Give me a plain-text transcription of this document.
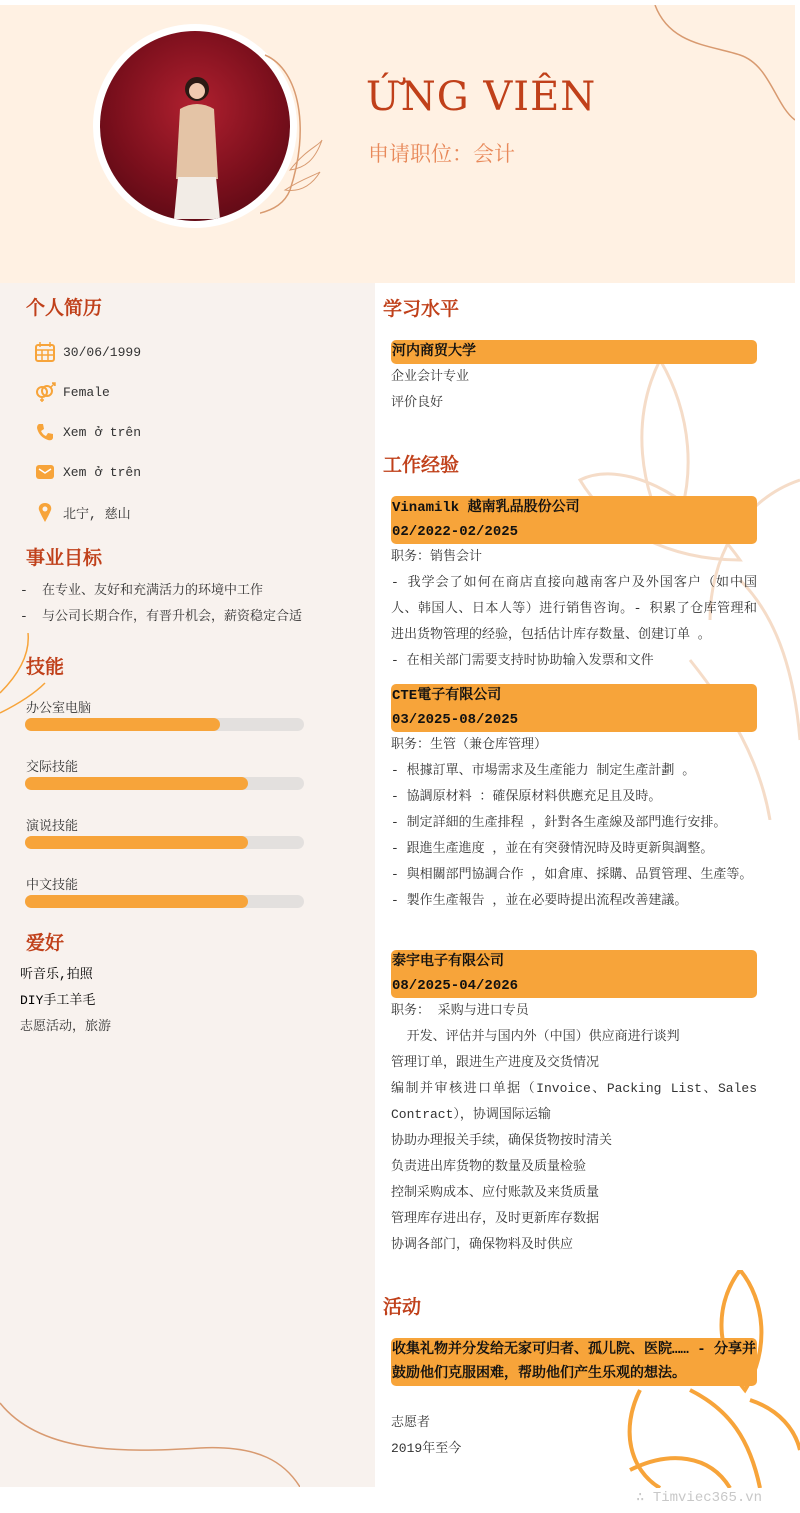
ỨNG VIÊN
申请职位：会计
个人简历
30/06/1999
Female
Xem ở trên
Xem ở trên
北宁, 慈山
事业目标
- 在专业、友好和充满活力的环境中工作
- 与公司长期合作，有晋升机会，薪资稳定合适
技能
办公室电脑
交际技能
演说技能
中文技能
爱好
听音乐,拍照
DIY手工羊毛
志愿活动，旅游
学习水平
河内商贸大学
企业会计专业
评价良好
工作经验
Vinamilk 越南乳品股份公司
02/2022-02/2025
职务：销售会计
- 我学会了如何在商店直接向越南客户及外国客户（如中国人、韩国人、日本人等）进行销售咨询。- 积累了仓库管理和进出货物管理的经验，包括估计库存数量、创建订单 。
- 在相关部门需要支持时协助输入发票和文件
CTE電子有限公司
03/2025-08/2025
职务：生管（兼仓库管理）
- 根據訂單、市場需求及生產能力 制定生產計劃 。
- 協調原材料 ：確保原材料供應充足且及時。
- 制定詳細的生產排程 ，針對各生產線及部門進行安排。
- 跟進生產進度 ，並在有突發情況時及時更新與調整。
- 與相關部門協調合作 ，如倉庫、採購、品質管理、生產等。
- 製作生產報告 ，並在必要時提出流程改善建議。
泰宇电子有限公司
08/2025-04/2026
职务： 采购与进口专员
开发、评估并与国内外（中国）供应商进行谈判
管理订单，跟进生产进度及交货情况
编制并审核进口单据（Invoice、Packing List、Sales Contract），协调国际运输
协助办理报关手续，确保货物按时清关
负责进出库货物的数量及质量检验
控制采购成本、应付账款及来货质量
管理库存进出存，及时更新库存数据
协调各部门，确保物料及时供应
活动
收集礼物并分发给无家可归者、孤儿院、医院…… - 分享并鼓励他们克服困难，帮助他们产生乐观的想法。
志愿者
2019年至今
∴ Timviec365.vn
